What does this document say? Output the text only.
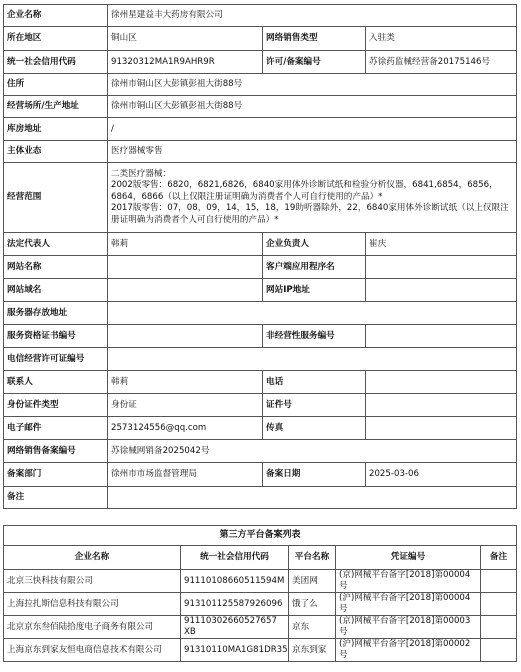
企业名称	徐州星建益丰大药房有限公司		
所在地区	铜山区	网络销售类型	入驻类
统一社会信用代码	91320312MA1R9AHR9R	许可/备案编号	苏徐药监械经营备20175146号
住所	徐州市铜山区大彭镇彭祖大街88号		
经营场所/生产地址	徐州市铜山区大彭镇彭祖大街88号		
库房地址	/		
主体业态	医疗器械零售		
经营范围	二类医疗器械：
2002版零售：6820，6821,6826，6840家用体外诊断试纸和检验分析仪器，6841,6854，6856，6864，6866（以上仅限注册证明确为消费者个人可自行使用的产品）*
2017版零售：07，08，09，14，15，18，19助听器除外，22，6840家用体外诊断试纸（以上仅限注册证明确为消费者个人可自行使用的产品）*		
法定代表人	韩莉	企业负责人	崔庆
网站名称		客户端应用程序名	
网站域名		网站IP地址	
服务器存放地址			
服务资格证书编号		非经营性服务编号	
电信经营许可证编号			
联系人	韩莉	电话	
身份证件类型	身份证	证件号	
电子邮件	2573124556@qq.com	传真	
网络销售备案编号	苏徐械网销备2025042号		
备案部门	徐州市市场监督管理局	备案日期	2025-03-06
备注			
第三方平台备案列表				
企业名称	统一社会信用代码	平台名称	凭证编号	备注
北京三快科技有限公司	91110108660511594M	美团网	(京)网械平台备字[2018]第00004号	
上海拉扎斯信息科技有限公司	913101125587926096	饿了么	(沪)网械平台备字[2018]第00004号	
北京京东叁佰陆拾度电子商务有限公司	91110302660527657​XB	京东	(京)网械平台备字[2018]第00003号	
上海京东到家友恒电商信息技术有限公司	91310110MA1G81DR35	京东到家	(沪)网械平台备字[2018]第00002号	
